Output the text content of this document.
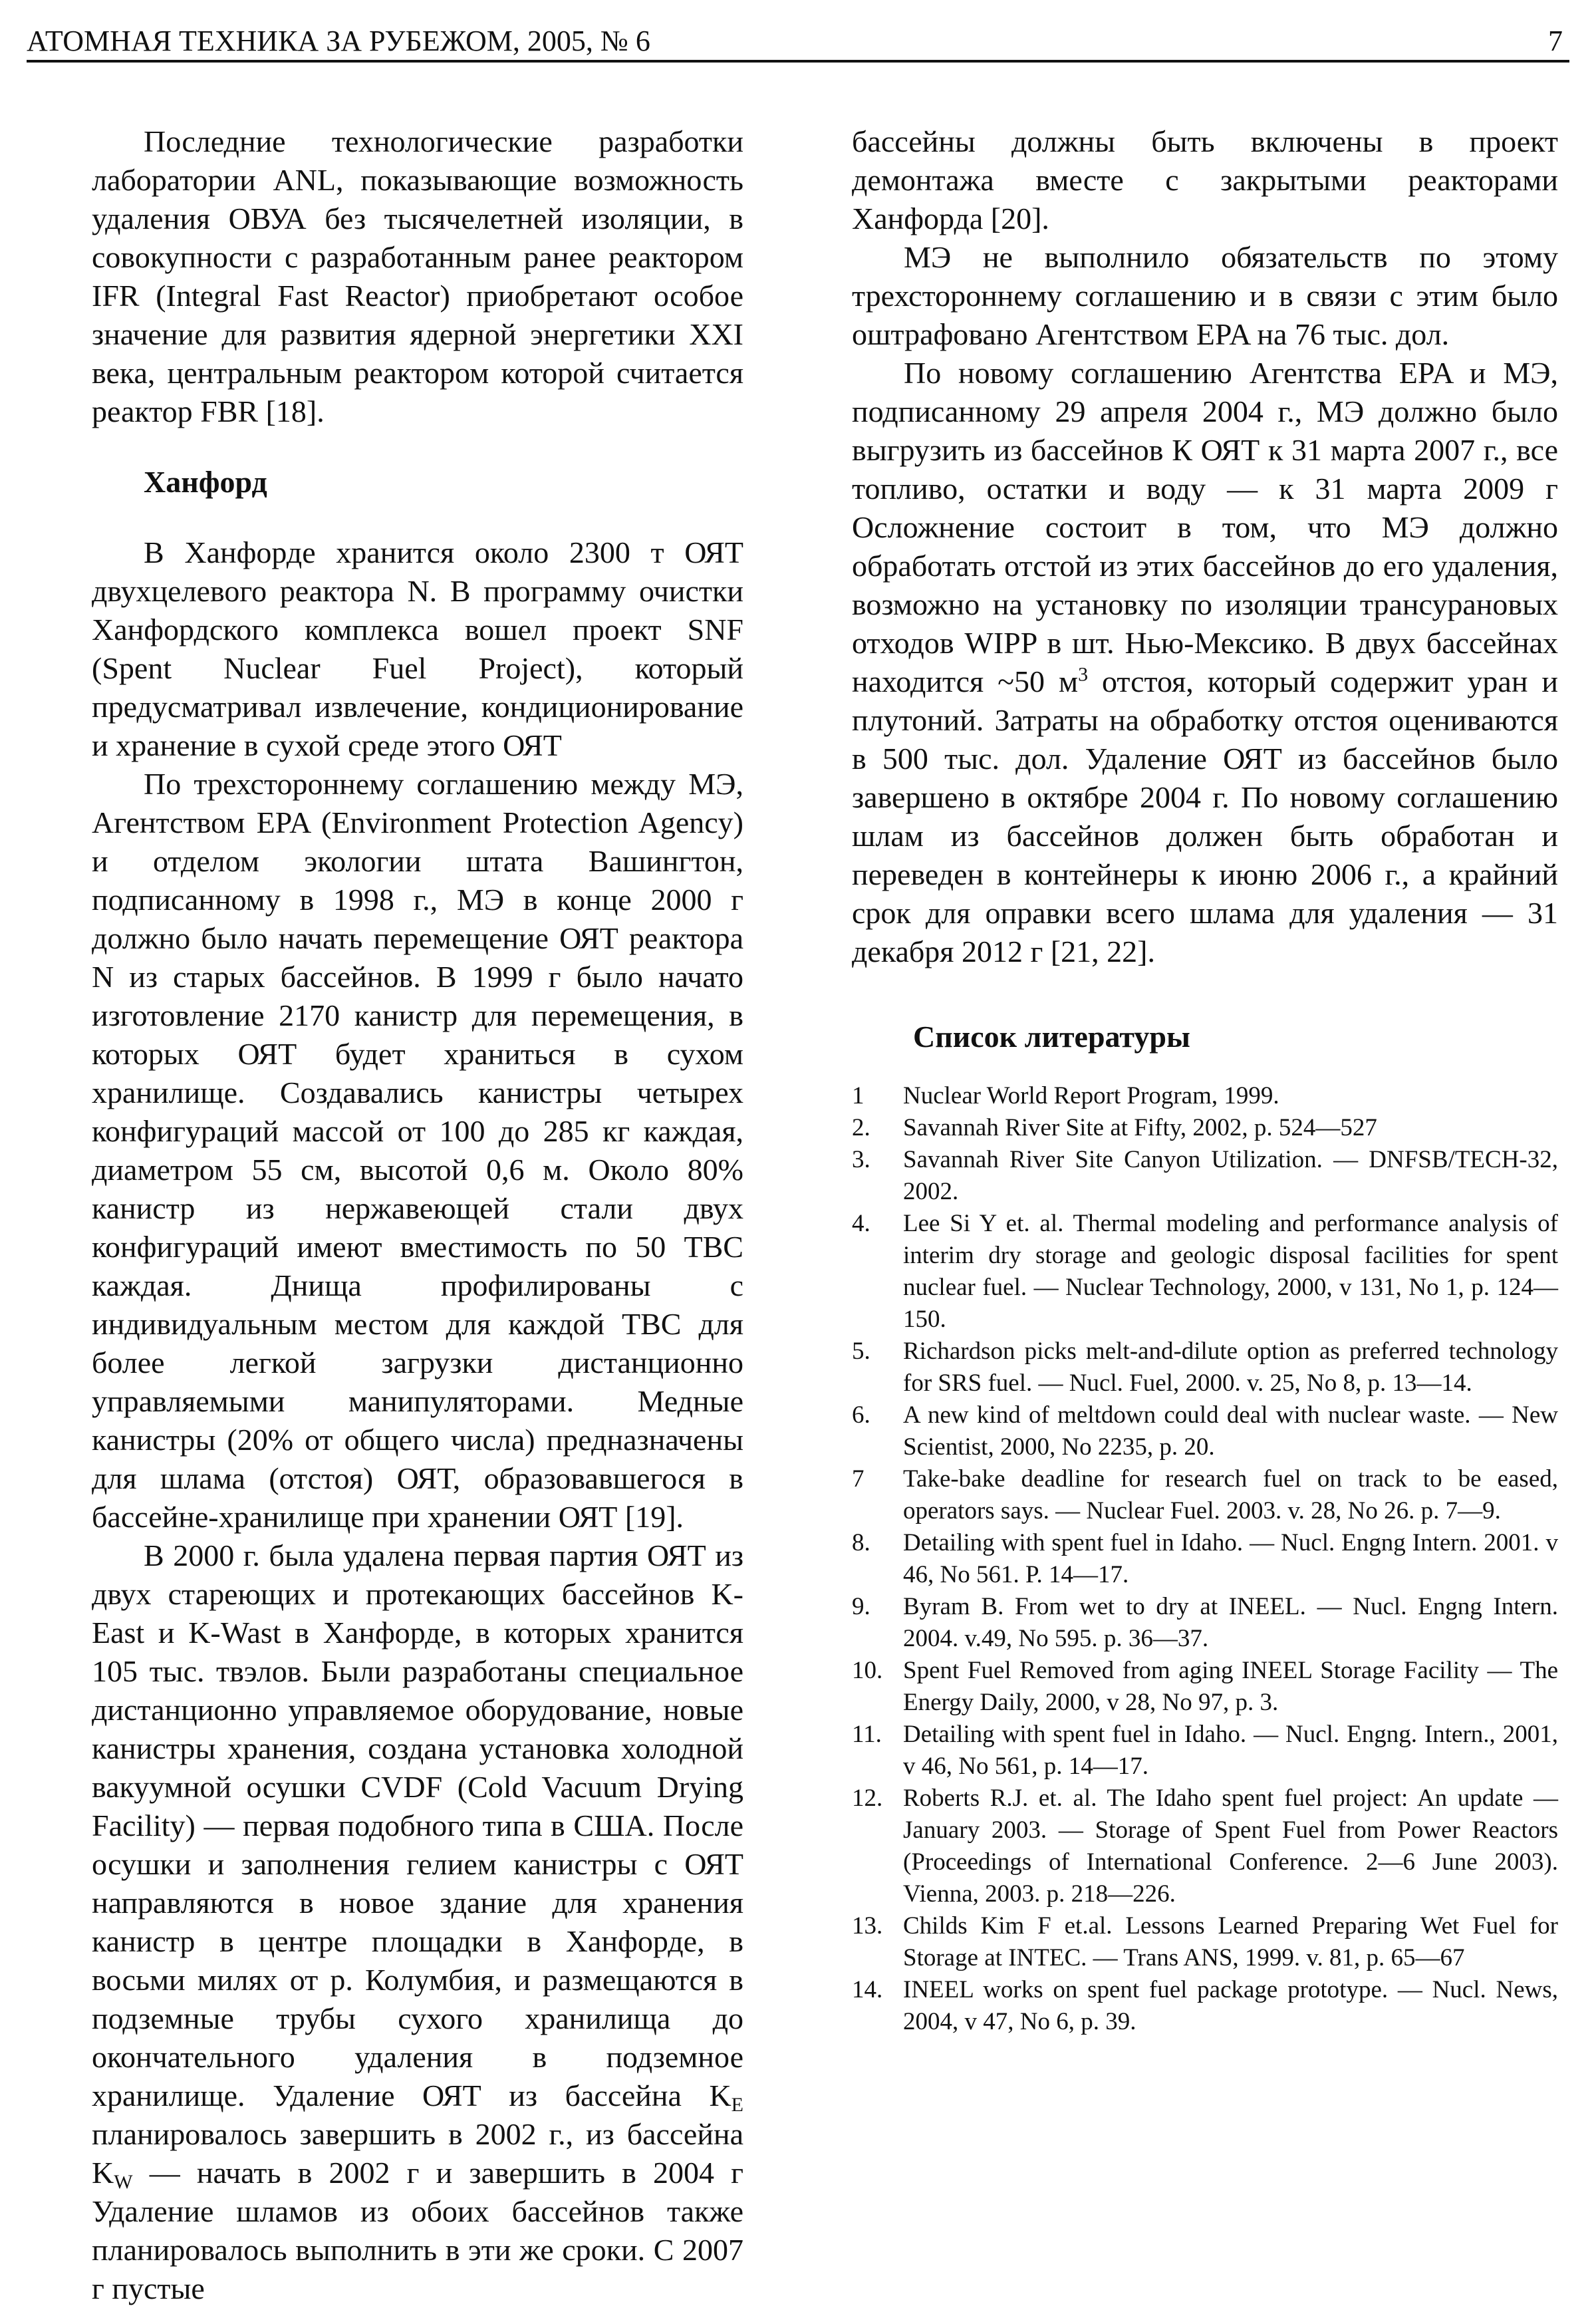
АТОМНАЯ ТЕХНИКА ЗА РУБЕЖОМ, 2005, № 6	7

Последние технологические разработки лаборатории ANL, показывающие возможность удаления ОВУА без тысячелетней изоляции, в совокупности с разработанным ранее реактором IFR (Integral Fast Reactor) приобретают особое значение для развития ядерной энергетики XXI века, центральным реактором которой считается реактор FBR [18].

Ханфорд

В Ханфорде хранится около 2300 т ОЯТ двухцелевого реактора N. В программу очистки Ханфордского комплекса вошел проект SNF (Spent Nuclear Fuel Project), который предусматривал извлечение, кондиционирование и хранение в сухой среде этого ОЯТ

По трехстороннему соглашению между МЭ, Агентством EPA (Environment Protection Agency) и отделом экологии штата Вашингтон, подписанному в 1998 г., МЭ в конце 2000 г должно было начать перемещение ОЯТ реактора N из старых бассейнов. В 1999 г было начато изготовление 2170 канистр для перемещения, в которых ОЯТ будет храниться в сухом хранилище. Создавались канистры четырех конфигураций массой от 100 до 285 кг каждая, диаметром 55 см, высотой 0,6 м. Около 80% канистр из нержавеющей стали двух конфигураций имеют вместимость по 50 ТВС каждая. Днища профилированы с индивидуальным местом для каждой ТВС для более легкой загрузки дистанционно управляемыми манипуляторами. Медные канистры (20% от общего числа) предназначены для шлама (отстоя) ОЯТ, образовавшегося в бассейне-хранилище при хранении ОЯТ [19].

В 2000 г. была удалена первая партия ОЯТ из двух стареющих и протекающих бассейнов K-East и K-Wast в Ханфорде, в которых хранится 105 тыс. твэлов. Были разработаны специальное дистанционно управляемое оборудование, новые канистры хранения, создана установка холодной вакуумной осушки CVDF (Cold Vacuum Drying Facility) — первая подобного типа в США. После осушки и заполнения гелием канистры с ОЯТ направляются в новое здание для хранения канистр в центре площадки в Ханфорде, в восьми милях от р. Колумбия, и размещаются в подземные трубы сухого хранилища до окончательного удаления в подземное хранилище. Удаление ОЯТ из бассейна $K_E$ планировалось завершить в 2002 г., из бассейна $K_W$ — начать в 2002 г и завершить в 2004 г Удаление шламов из обоих бассейнов также планировалось выполнить в эти же сроки. С 2007 г пустые

бассейны должны быть включены в проект демонтажа вместе с закрытыми реакторами Ханфорда [20].

МЭ не выполнило обязательств по этому трехстороннему соглашению и в связи с этим было оштрафовано Агентством EPA на 76 тыс. дол.

По новому соглашению Агентства EPA и МЭ, подписанному 29 апреля 2004 г., МЭ должно было выгрузить из бассейнов К ОЯТ к 31 марта 2007 г., все топливо, остатки и воду — к 31 марта 2009 г Осложнение состоит в том, что МЭ должно обработать отстой из этих бассейнов до его удаления, возможно на установку по изоляции трансурановых отходов WIPP в шт. Нью-Мексико. В двух бассейнах находится ~50 $м^3$ отстоя, который содержит уран и плутоний. Затраты на обработку отстоя оцениваются в 500 тыс. дол. Удаление ОЯТ из бассейнов было завершено в октябре 2004 г. По новому соглашению шлам из бассейнов должен быть обработан и переведен в контейнеры к июню 2006 г., а крайний срок для оправки всего шлама для удаления — 31 декабря 2012 г [21, 22].

Список литературы
1	Nuclear World Report Program, 1999.
2.	Savannah River Site at Fifty, 2002, p. 524—527
3.	Savannah River Site Canyon Utilization. — DNFSB/TECH-32, 2002.
4.	Lee Si Y et. al. Thermal modeling and performance analysis of interim dry storage and geologic disposal facilities for spent nuclear fuel. — Nuclear Technology, 2000, v 131, No 1, p. 124—150.
5.	Richardson picks melt-and-dilute option as preferred technology for SRS fuel. — Nucl. Fuel, 2000. v. 25, No 8, p. 13—14.
6.	A new kind of meltdown could deal with nuclear waste. — New Scientist, 2000, No 2235, p. 20.
7	Take-bake deadline for research fuel on track to be eased, operators says. — Nuclear Fuel. 2003. v. 28, No 26. p. 7—9.
8.	Detailing with spent fuel in Idaho. — Nucl. Engng Intern. 2001. v 46, No 561. P. 14—17.
9.	Byram B. From wet to dry at INEEL. — Nucl. Engng Intern. 2004. v.49, No 595. p. 36—37.
10. Spent Fuel Removed from aging INEEL Storage Facility — The Energy Daily, 2000, v 28, No 97, p. 3.
11. Detailing with spent fuel in Idaho. — Nucl. Engng. Intern., 2001, v 46, No 561, p. 14—17.
12. Roberts R.J. et. al. The Idaho spent fuel project: An update — January 2003. — Storage of Spent Fuel from Power Reactors (Proceedings of International Conference. 2—6 June 2003). Vienna, 2003. p. 218—226.
13. Childs Kim F et.al. Lessons Learned Preparing Wet Fuel for Storage at INTEC. — Trans ANS, 1999. v. 81, p. 65—67
14. INEEL works on spent fuel package prototype. — Nucl. News, 2004, v 47, No 6, p. 39.
